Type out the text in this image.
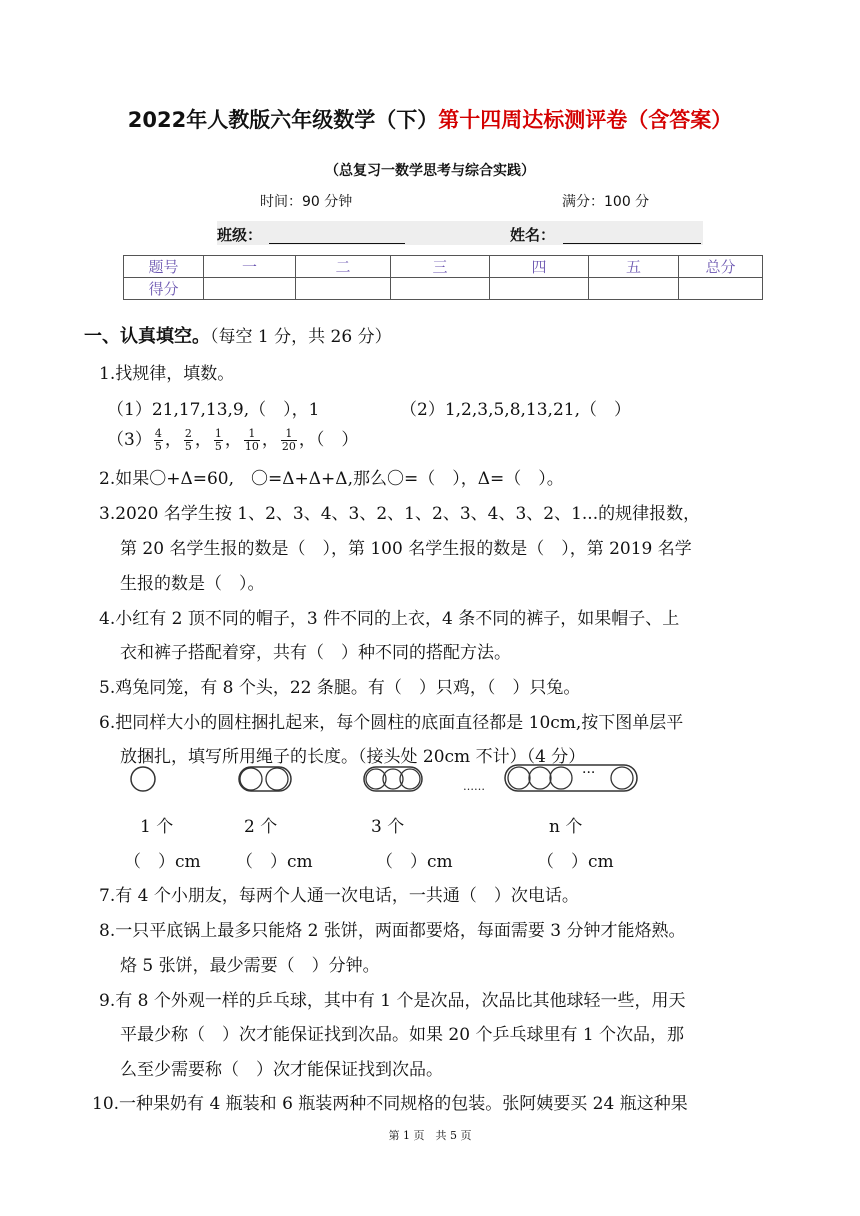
2022年人教版六年级数学（下）第十四周达标测评卷（含答案）
（总复习一数学思考与综合实践）
时间：90 分钟	满分：100 分
班级：	姓名：
题号	一	二	三	四	五	总分
得分						
一、认真填空。（每空 1 分，共 26 分）
1.找规律，填数。
（1）21,17,13,9,（　），1	（2）1,2,3,5,8,13,21,（　）
$(3) \frac{4}{5}$ ， $\frac{2}{5}$ ， $\frac{1}{5}$ ， $\frac{1}{10}$ ， $\frac{1}{20}$ ，（　）
2.如果〇+Δ=60,　〇=Δ+Δ+Δ,那么〇=（　），Δ=（　）。
3.2020 名学生按 1、2、3、4、3、2、1、2、3、4、3、2、1...的规律报数，
第 20 名学生报的数是（　），第 100 名学生报的数是（　），第 2019 名学
生报的数是（　）。
4.小红有 2 顶不同的帽子，3 件不同的上衣，4 条不同的裤子，如果帽子、上
衣和裤子搭配着穿，共有（　）种不同的搭配方法。
5.鸡兔同笼，有 8 个头，22 条腿。有（　）只鸡，（　）只兔。
6.把同样大小的圆柱捆扎起来，每个圆柱的底面直径都是 10cm,按下图单层平
放捆扎，填写所用绳子的长度。（接头处 20cm 不计）（4 分）
……
···
1 个	2 个	3 个	n 个
（　）cm （　）cm	（　）cm	（　）cm
7.有 4 个小朋友，每两个人通一次电话，一共通（　）次电话。
8.一只平底锅上最多只能烙 2 张饼，两面都要烙，每面需要 3 分钟才能烙熟。
烙 5 张饼，最少需要（　）分钟。
9.有 8 个外观一样的乒乓球，其中有 1 个是次品，次品比其他球轻一些，用天
平最少称（　）次才能保证找到次品。如果 20 个乒乓球里有 1 个次品，那
么至少需要称（　）次才能保证找到次品。
10.一种果奶有 4 瓶装和 6 瓶装两种不同规格的包装。张阿姨要买 24 瓶这种果
第 1 页　共 5 页
